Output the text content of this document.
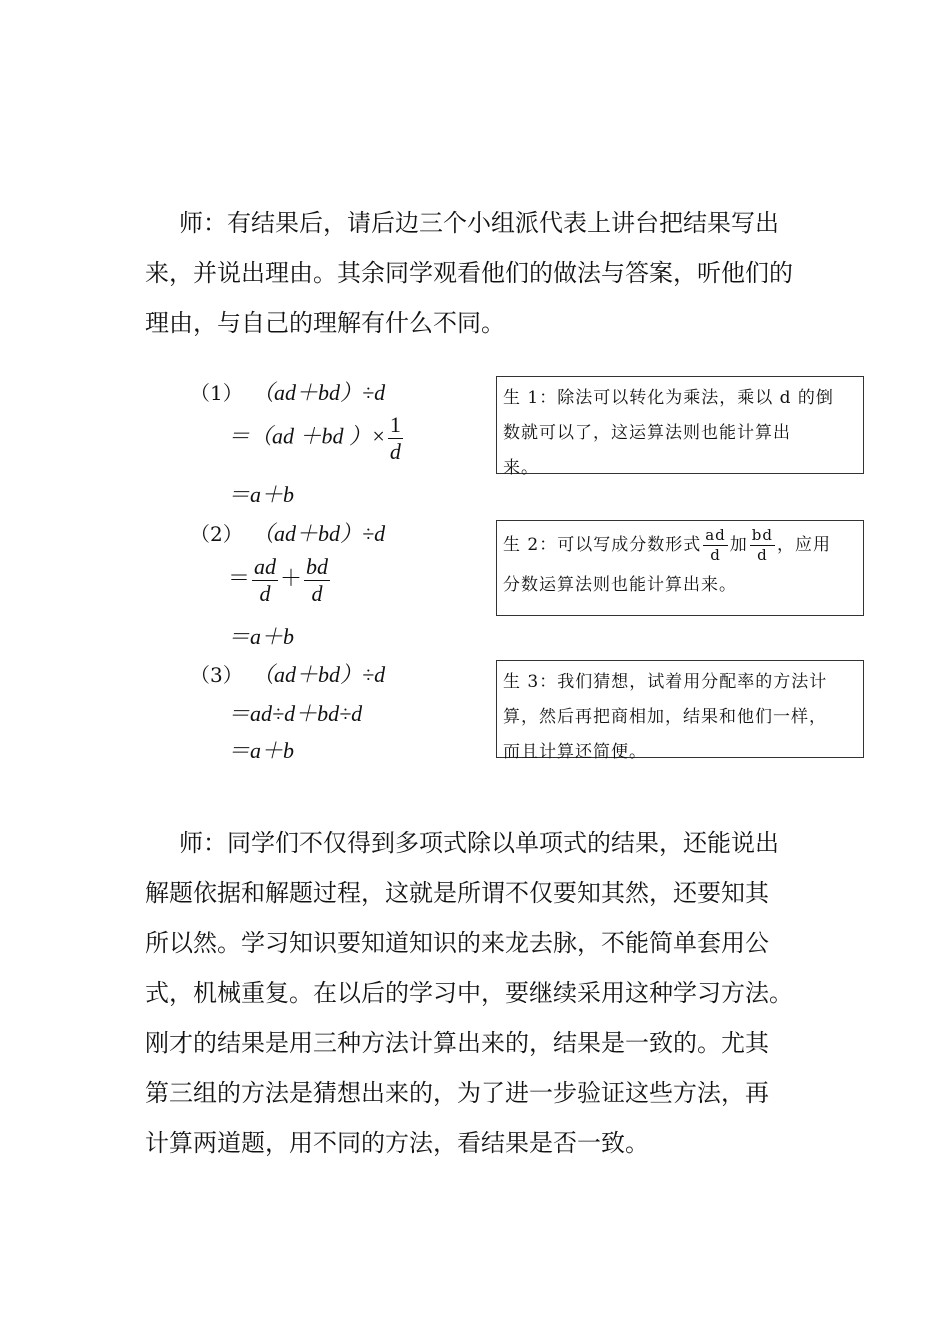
师：有结果后，请后边三个小组派代表上讲台把结果写出
来，并说出理由。其余同学观看他们的做法与答案，听他们的
理由，与自己的理解有什么不同。
（1） （ad＋bd）÷d
＝（ad ＋bd ）× $\frac{1}{d}$
＝a＋b
（2） （ad＋bd）÷d
＝ $\frac{ad}{d} + \frac{bd}{d}$
＝a＋b
（3） （ad＋bd）÷d
＝ad÷d＋bd÷d
＝a＋b
生 1：除法可以转化为乘法，乘以 d 的倒
数就可以了，这运算法则也能计算出
来。
生 2：可以写成分数形式 $\frac{ad}{d}$ 加 $\frac{bd}{d}$ ，应用
分数运算法则也能计算出来。
生 3：我们猜想，试着用分配率的方法计
算，然后再把商相加，结果和他们一样，
而且计算还简便。
师：同学们不仅得到多项式除以单项式的结果，还能说出
解题依据和解题过程，这就是所谓不仅要知其然，还要知其
所以然。学习知识要知道知识的来龙去脉，不能简单套用公
式，机械重复。在以后的学习中，要继续采用这种学习方法。
刚才的结果是用三种方法计算出来的，结果是一致的。尤其
第三组的方法是猜想出来的，为了进一步验证这些方法，再
计算两道题，用不同的方法，看结果是否一致。
